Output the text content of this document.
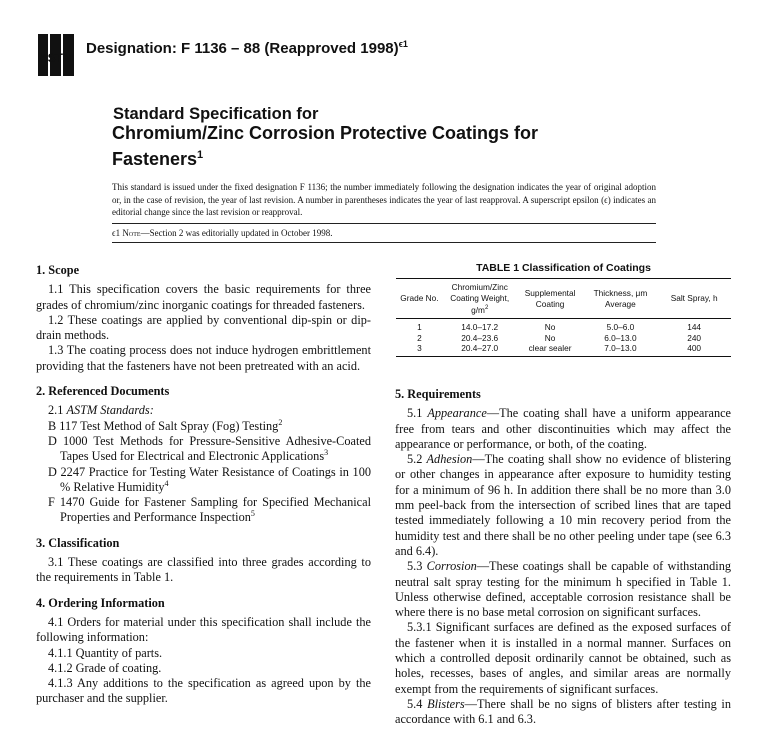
ASTM
Designation: F 1136 – 88 (Reapproved 1998)$^{\epsilon 1}$
Standard Specification for
Chromium/Zinc Corrosion Protective Coatings for
Fasteners$^1$
This standard is issued under the fixed designation F 1136; the number immediately following the designation indicates the year of original adoption or, in the case of revision, the year of last revision. A number in parentheses indicates the year of last reapproval. A superscript epsilon (ϵ) indicates an editorial change since the last revision or reapproval.
ϵ1 Note—Section 2 was editorially updated in October 1998.
1. Scope

1.1 This specification covers the basic requirements for three grades of chromium/zinc inorganic coatings for threaded fasteners.

1.2 These coatings are applied by conventional dip-spin or dip-drain methods.

1.3 The coating process does not induce hydrogen embrittlement providing that the fasteners have not been pretreated with an acid.

2. Referenced Documents

2.1 ASTM Standards:

B 117 Test Method of Salt Spray (Fog) Testing$^2$

D 1000 Test Methods for Pressure-Sensitive Adhesive-Coated Tapes Used for Electrical and Electronic Applications$^3$

D 2247 Practice for Testing Water Resistance of Coatings in 100 % Relative Humidity$^4$

F 1470 Guide for Fastener Sampling for Specified Mechanical Properties and Performance Inspection$^5$

3. Classification

3.1 These coatings are classified into three grades according to the requirements in Table 1.

4. Ordering Information

4.1 Orders for material under this specification shall include the following information:

4.1.1 Quantity of parts.

4.1.2 Grade of coating.

4.1.3 Any additions to the specification as agreed upon by the purchaser and the supplier.

TABLE 1 Classification of Coatings
Grade No.	Chromium/Zinc Coating Weight, $g/m^2$	Supplemental Coating	Thickness, μm Average	Salt Spray, h
1	14.0–17.2	No	5.0–6.0	144
2	20.4–23.6	No	6.0–13.0	240
3	20.4–27.0	clear sealer	7.0–13.0	400
5. Requirements

5.1 Appearance—The coating shall have a uniform appearance free from tears and other discontinuities which may affect the appearance or performance, or both, of the coating.

5.2 Adhesion—The coating shall show no evidence of blistering or other changes in appearance after exposure to humidity testing for a minimum of 96 h. In addition there shall be no more than 3.0 mm peel-back from the intersection of scribed lines that are taped tested immediately following a 10 min recovery period from the humidity test and there shall be no other peeling under tape (see 6.3 and 6.4).

5.3 Corrosion—These coatings shall be capable of withstanding neutral salt spray testing for the minimum h specified in Table 1. Unless otherwise defined, acceptable corrosion resistance shall be where there is no base metal corrosion on significant surfaces.

5.3.1 Significant surfaces are defined as the exposed surfaces of the fastener when it is installed in a normal manner. Surfaces on which a controlled deposit ordinarily cannot be obtained, such as holes, recesses, bases of angles, and similar areas are normally exempt from the requirements of significant surfaces.

5.4 Blisters—There shall be no signs of blisters after testing in accordance with 6.1 and 6.3.
